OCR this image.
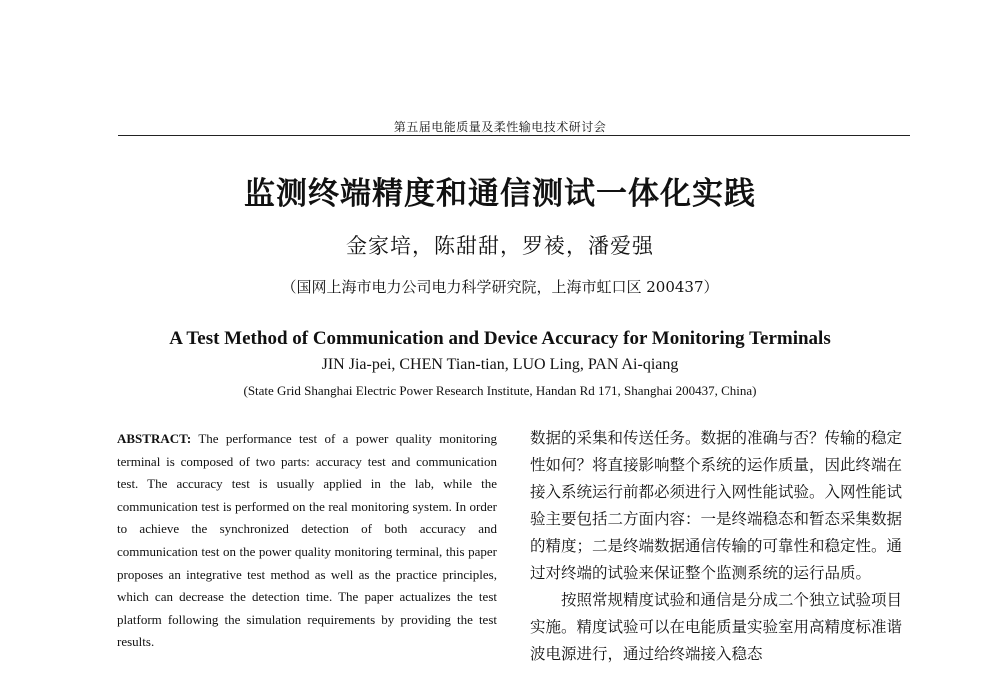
第五届电能质量及柔性输电技术研讨会
监测终端精度和通信测试一体化实践
金家培，陈甜甜，罗祾，潘爱强
（国网上海市电力公司电力科学研究院，上海市虹口区 200437）
A Test Method of Communication and Device Accuracy for Monitoring Terminals
JIN Jia-pei, CHEN Tian-tian, LUO Ling, PAN Ai-qiang
(State Grid Shanghai Electric Power Research Institute, Handan Rd 171, Shanghai 200437, China)
ABSTRACT: The performance test of a power quality monitoring terminal is composed of two parts: accuracy test and communication test. The accuracy test is usually applied in the lab, while the communication test is performed on the real monitoring system. In order to achieve the synchronized detection of both accuracy and communication test on the power quality monitoring terminal, this paper proposes an integrative test method as well as the practice principles, which can decrease the detection time. The paper actualizes the test platform following the simulation requirements by providing the test results.

数据的采集和传送任务。数据的准确与否？传输的稳定性如何？将直接影响整个系统的运作质量，因此终端在接入系统运行前都必须进行入网性能试验。入网性能试验主要包括二方面内容：一是终端稳态和暂态采集数据的精度；二是终端数据通信传输的可靠性和稳定性。通过对终端的试验来保证整个监测系统的运行品质。

按照常规精度试验和通信是分成二个独立试验项目实施。精度试验可以在电能质量实验室用高精度标准谐波电源进行，通过给终端接入稳态
